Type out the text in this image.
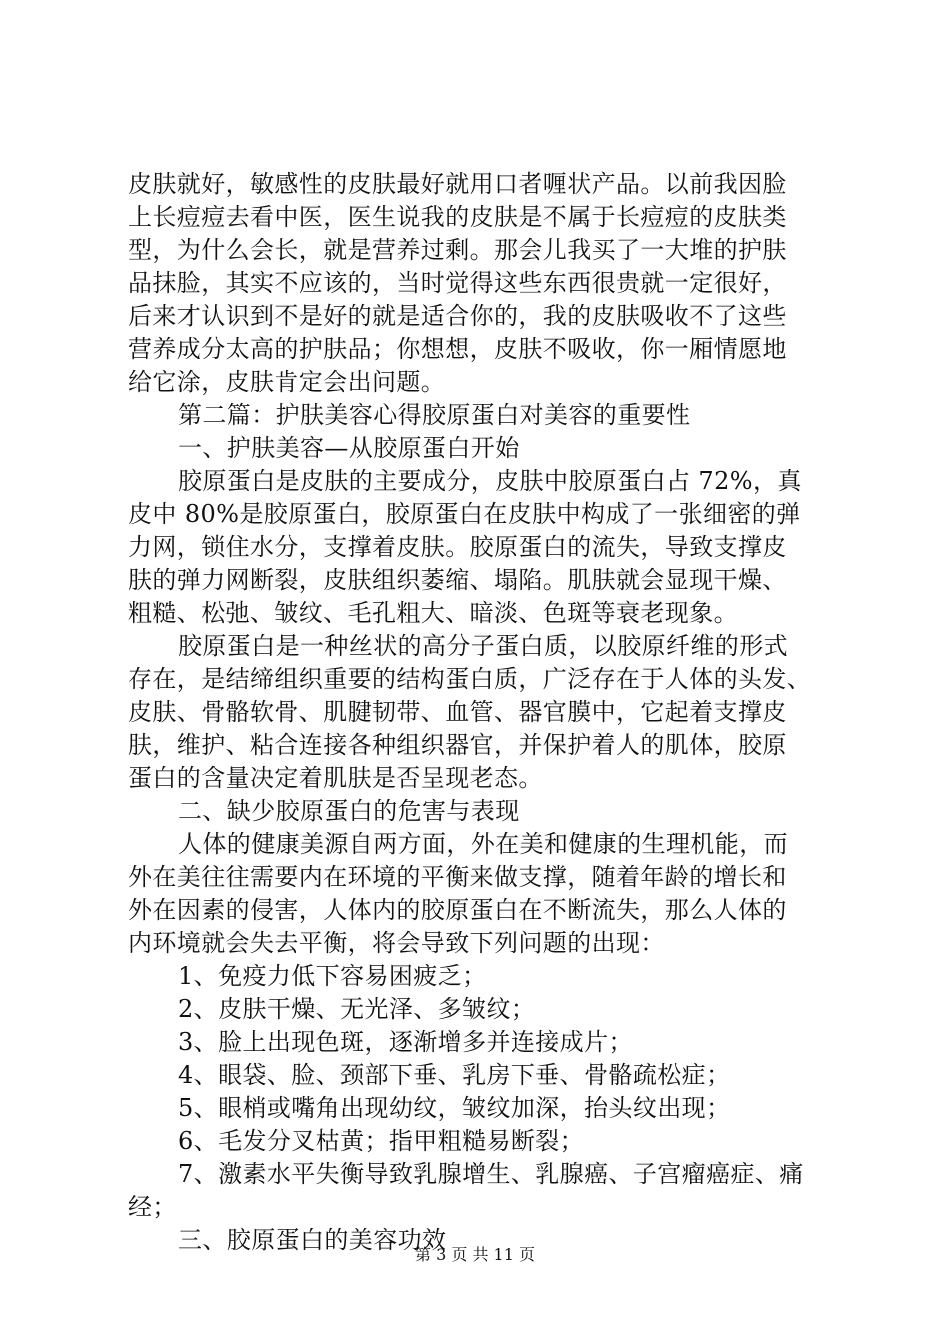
皮肤就好，敏感性的皮肤最好就用口者喱状产品。以前我因脸
上长痘痘去看中医，医生说我的皮肤是不属于长痘痘的皮肤类
型，为什么会长，就是营养过剩。那会儿我买了一大堆的护肤
品抹脸，其实不应该的，当时觉得这些东西很贵就一定很好，
后来才认识到不是好的就是适合你的，我的皮肤吸收不了这些
营养成分太高的护肤品；你想想，皮肤不吸收，你一厢情愿地
给它涂，皮肤肯定会出问题。
第二篇：护肤美容心得胶原蛋白对美容的重要性
一、护肤美容—从胶原蛋白开始
胶原蛋白是皮肤的主要成分，皮肤中胶原蛋白占 72%，真
皮中 80%是胶原蛋白，胶原蛋白在皮肤中构成了一张细密的弹
力网，锁住水分，支撑着皮肤。胶原蛋白的流失，导致支撑皮
肤的弹力网断裂，皮肤组织萎缩、塌陷。肌肤就会显现干燥、
粗糙、松弛、皱纹、毛孔粗大、暗淡、色斑等衰老现象。
胶原蛋白是一种丝状的高分子蛋白质，以胶原纤维的形式
存在，是结缔组织重要的结构蛋白质，广泛存在于人体的头发、
皮肤、骨骼软骨、肌腱韧带、血管、器官膜中，它起着支撑皮
肤，维护、粘合连接各种组织器官，并保护着人的肌体，胶原
蛋白的含量决定着肌肤是否呈现老态。
二、缺少胶原蛋白的危害与表现
人体的健康美源自两方面，外在美和健康的生理机能，而
外在美往往需要内在环境的平衡来做支撑，随着年龄的增长和
外在因素的侵害，人体内的胶原蛋白在不断流失，那么人体的
内环境就会失去平衡，将会导致下列问题的出现：
1、免疫力低下容易困疲乏；
2、皮肤干燥、无光泽、多皱纹；
3、脸上出现色斑，逐渐增多并连接成片；
4、眼袋、脸、颈部下垂、乳房下垂、骨骼疏松症；
5、眼梢或嘴角出现幼纹，皱纹加深，抬头纹出现；
6、毛发分叉枯黄；指甲粗糙易断裂；
7、激素水平失衡导致乳腺增生、乳腺癌、子宫瘤癌症、痛
经；
三、胶原蛋白的美容功效
第 3 页 共 11 页
